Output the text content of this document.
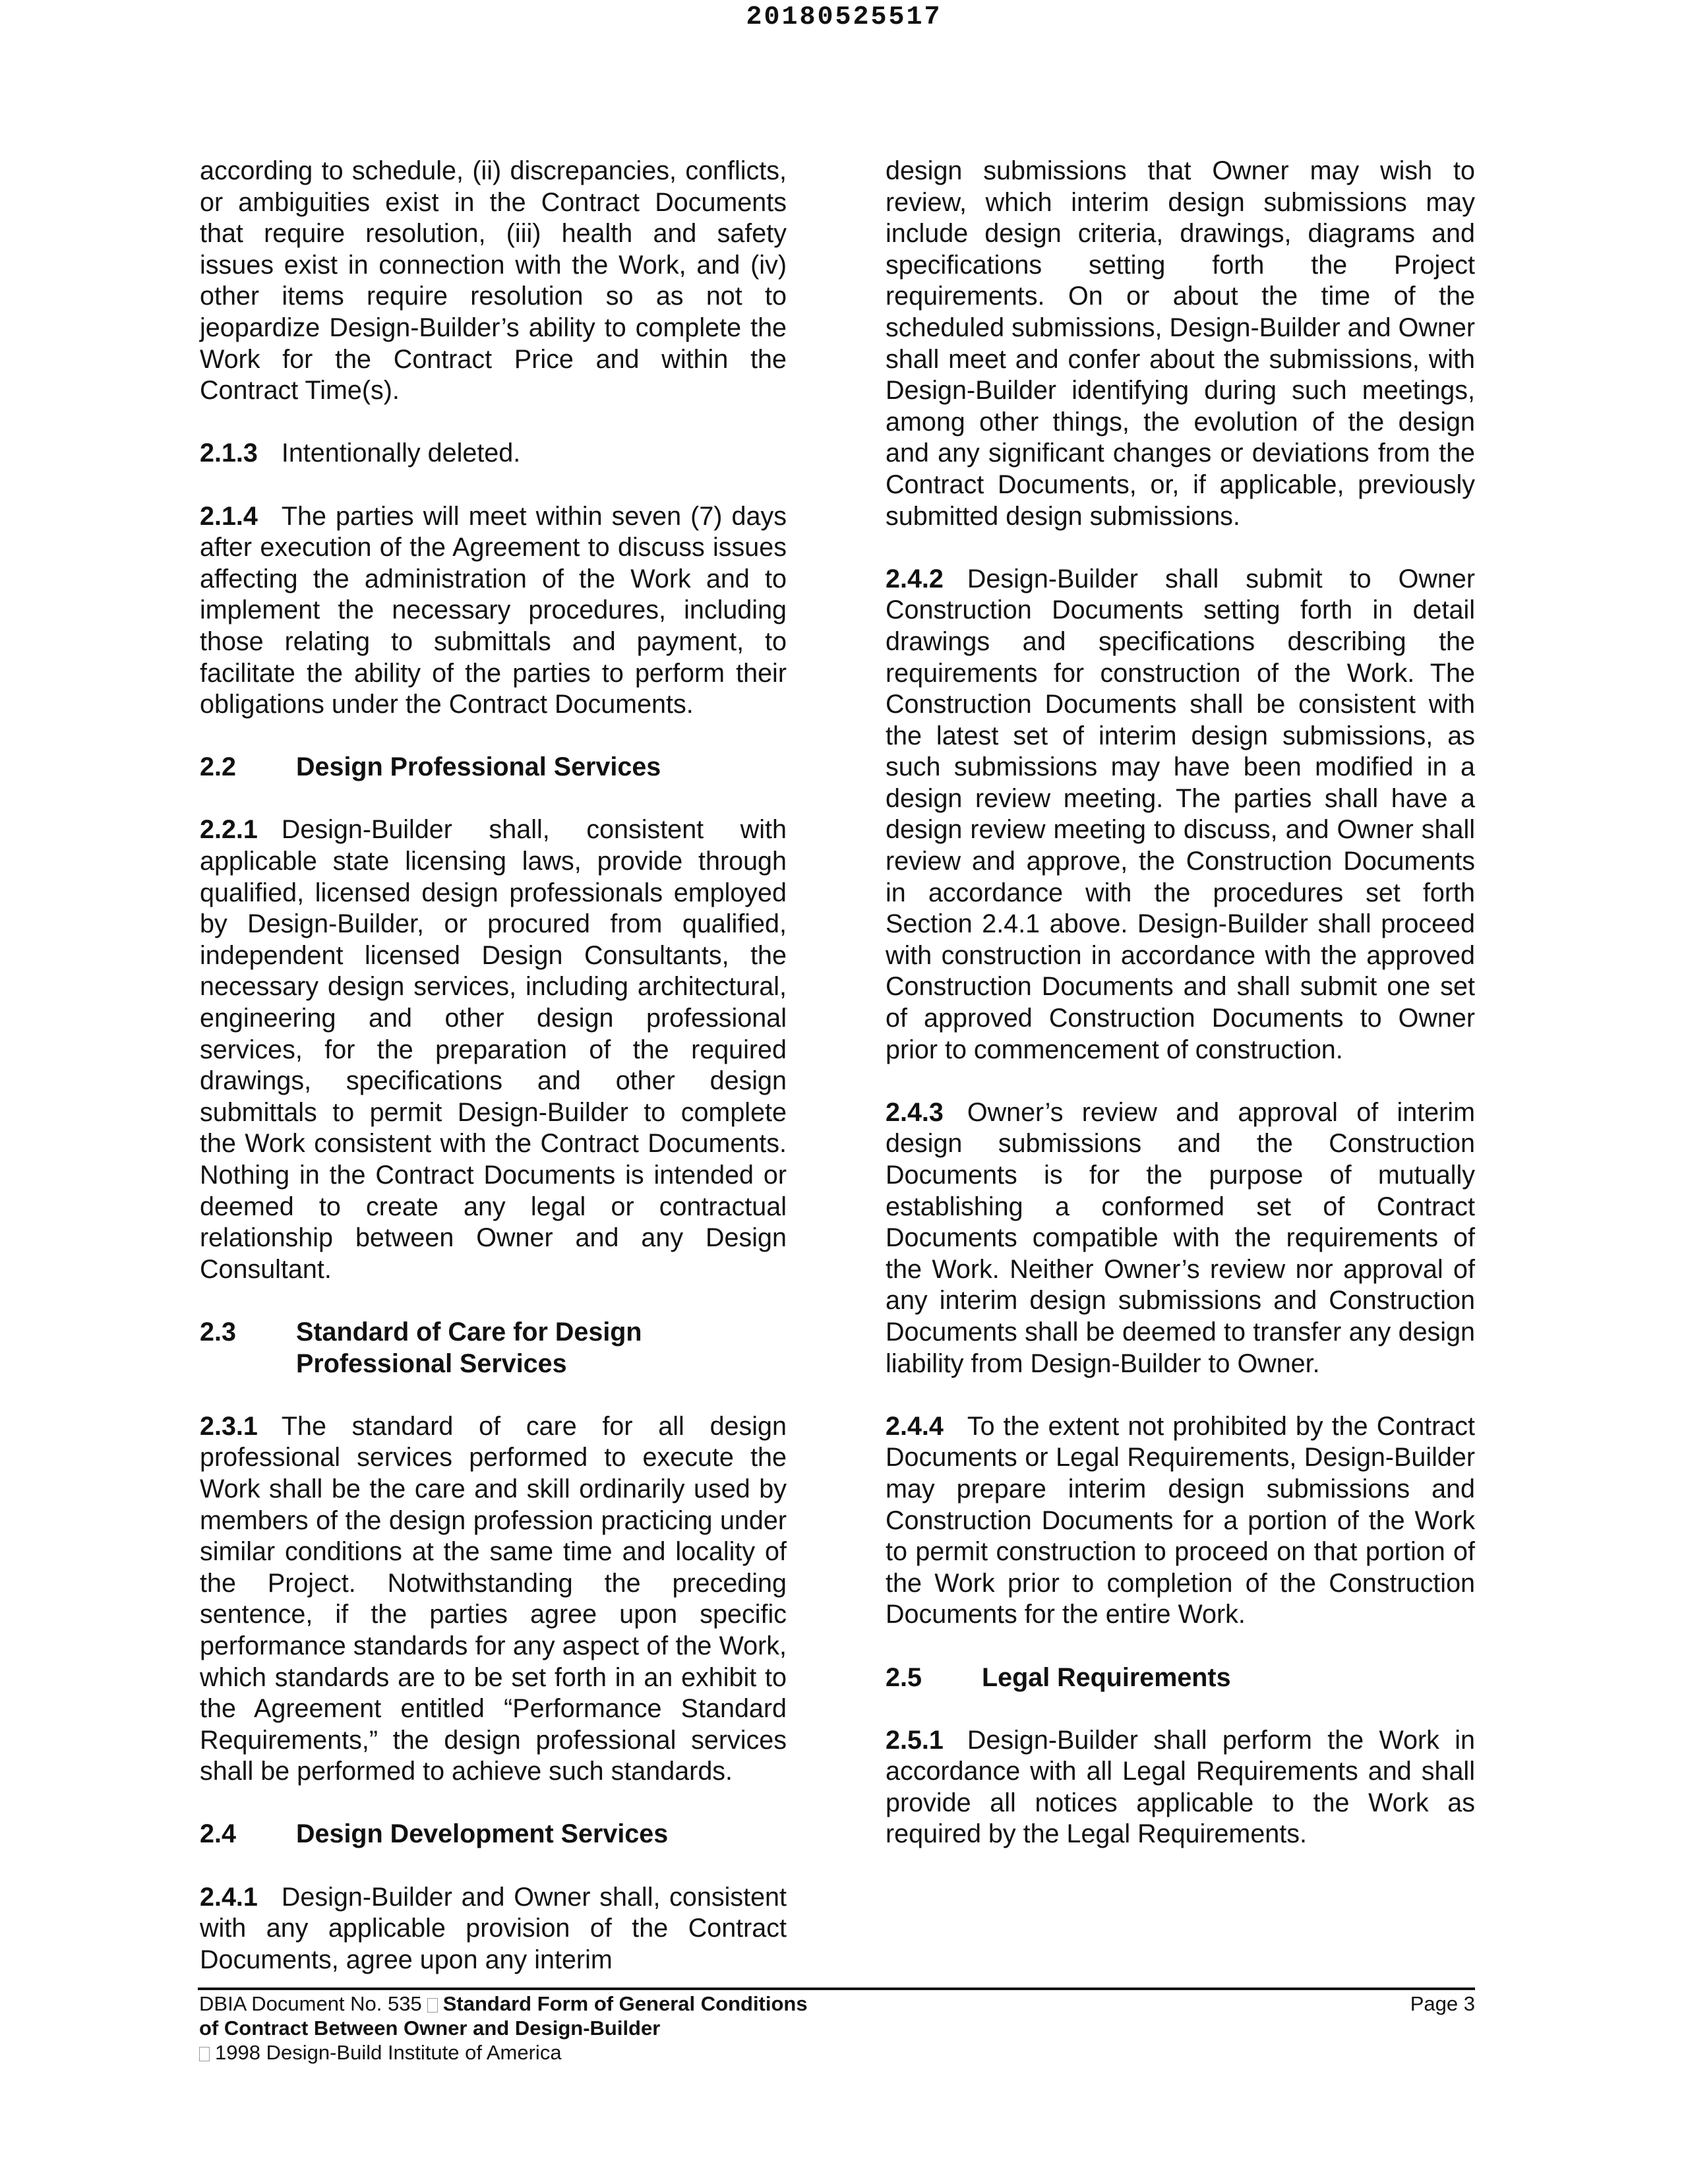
20180525517

according to schedule, (ii) discrepancies, conflicts, or ambiguities exist in the Contract Documents that require resolution, (iii) health and safety issues exist in connection with the Work, and (iv) other items require resolution so as not to jeopardize Design-Builder’s ability to complete the Work for the Contract Price and within the Contract Time(s).

2.1.3 Intentionally deleted.

2.1.4 The parties will meet within seven (7) days after execution of the Agreement to discuss issues affecting the administration of the Work and to implement the necessary procedures, including those relating to submittals and payment, to facilitate the ability of the parties to perform their obligations under the Contract Documents.

2.2	Design Professional Services

2.2.1 Design-Builder shall, consistent with applicable state licensing laws, provide through qualified, licensed design professionals employed by Design-Builder, or procured from qualified, independent licensed Design Consultants, the necessary design services, including architectural, engineering and other design professional services, for the preparation of the required drawings, specifications and other design submittals to permit Design-Builder to complete the Work consistent with the Contract Documents. Nothing in the Contract Documents is intended or deemed to create any legal or contractual relationship between Owner and any Design Consultant.

2.3	Standard of Care for Design Professional Services

2.3.1 The standard of care for all design professional services performed to execute the Work shall be the care and skill ordinarily used by members of the design profession practicing under similar conditions at the same time and locality of the Project. Notwithstanding the preceding sentence, if the parties agree upon specific performance standards for any aspect of the Work, which standards are to be set forth in an exhibit to the Agreement entitled “Performance Standard Requirements,” the design professional services shall be performed to achieve such standards.

2.4	Design Development Services

2.4.1 Design-Builder and Owner shall, consistent with any applicable provision of the Contract Documents, agree upon any interim

design submissions that Owner may wish to review, which interim design submissions may include design criteria, drawings, diagrams and specifications setting forth the Project requirements. On or about the time of the scheduled submissions, Design-Builder and Owner shall meet and confer about the submissions, with Design-Builder identifying during such meetings, among other things, the evolution of the design and any significant changes or deviations from the Contract Documents, or, if applicable, previously submitted design submissions.

2.4.2 Design-Builder shall submit to Owner Construction Documents setting forth in detail drawings and specifications describing the requirements for construction of the Work. The Construction Documents shall be consistent with the latest set of interim design submissions, as such submissions may have been modified in a design review meeting. The parties shall have a design review meeting to discuss, and Owner shall review and approve, the Construction Documents in accordance with the procedures set forth Section 2.4.1 above. Design-Builder shall proceed with construction in accordance with the approved Construction Documents and shall submit one set of approved Construction Documents to Owner prior to commencement of construction.

2.4.3 Owner’s review and approval of interim design submissions and the Construction Documents is for the purpose of mutually establishing a conformed set of Contract Documents compatible with the requirements of the Work. Neither Owner’s review nor approval of any interim design submissions and Construction Documents shall be deemed to transfer any design liability from Design-Builder to Owner.

2.4.4 To the extent not prohibited by the Contract Documents or Legal Requirements, Design-Builder may prepare interim design submissions and Construction Documents for a portion of the Work to permit construction to proceed on that portion of the Work prior to completion of the Construction Documents for the entire Work.

2.5	Legal Requirements

2.5.1 Design-Builder shall perform the Work in accordance with all Legal Requirements and shall provide all notices applicable to the Work as required by the Legal Requirements.

DBIA Document No. 535 Standard Form of General Conditions
of Contract Between Owner and Design-Builder
1998 Design-Build Institute of America
Page 3
